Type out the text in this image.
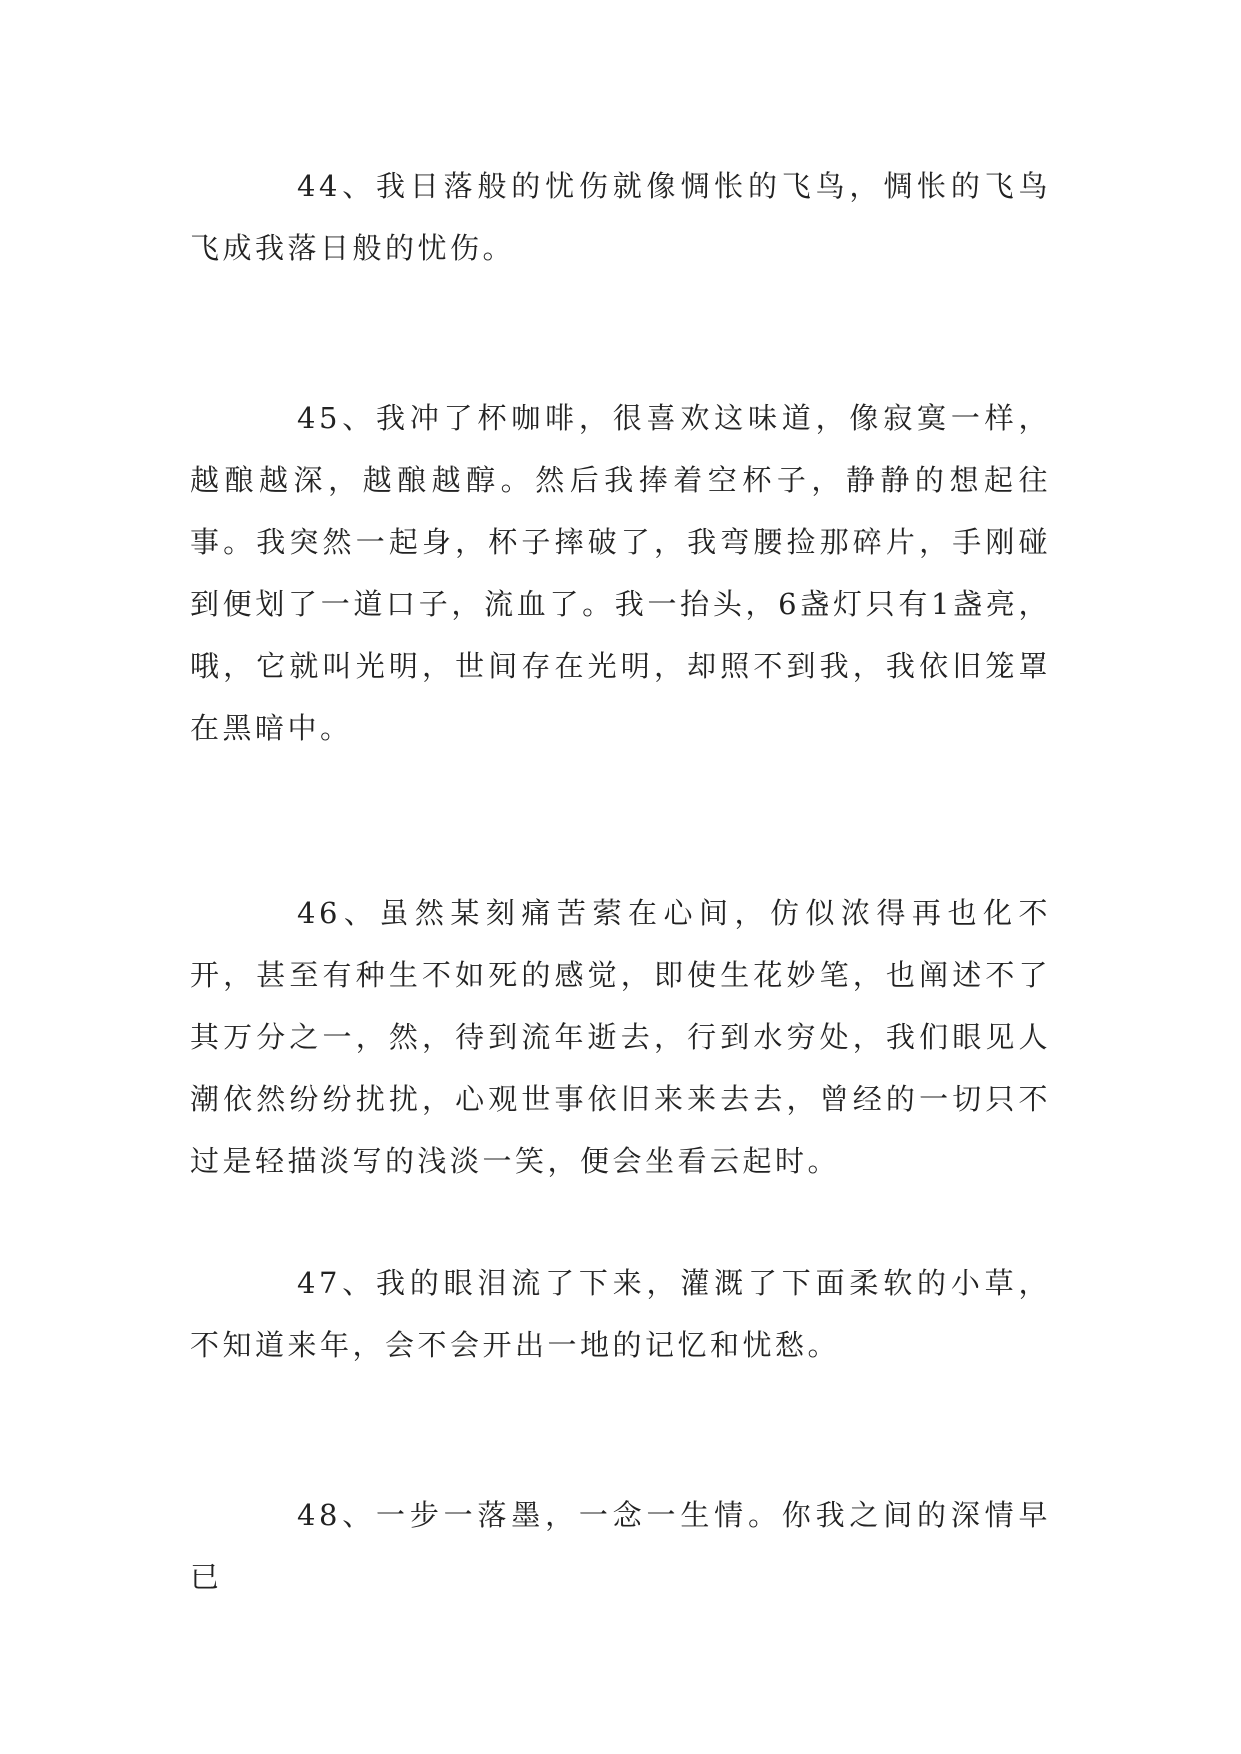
44、我日落般的忧伤就像惆怅的飞鸟，惆怅的飞鸟飞成我落日般的忧伤。

45、我冲了杯咖啡，很喜欢这味道，像寂寞一样，越酿越深，越酿越醇。然后我捧着空杯子，静静的想起往事。我突然一起身，杯子摔破了，我弯腰捡那碎片，手刚碰到便划了一道口子，流血了。我一抬头，6盏灯只有1盏亮，哦，它就叫光明，世间存在光明，却照不到我，我依旧笼罩在黑暗中。

46、虽然某刻痛苦萦在心间，仿似浓得再也化不开，甚至有种生不如死的感觉，即使生花妙笔，也阐述不了其万分之一，然，待到流年逝去，行到水穷处，我们眼见人潮依然纷纷扰扰，心观世事依旧来来去去，曾经的一切只不过是轻描淡写的浅淡一笑，便会坐看云起时。

47、我的眼泪流了下来，灌溉了下面柔软的小草，不知道来年，会不会开出一地的记忆和忧愁。

48、一步一落墨，一念一生情。你我之间的深情早已
